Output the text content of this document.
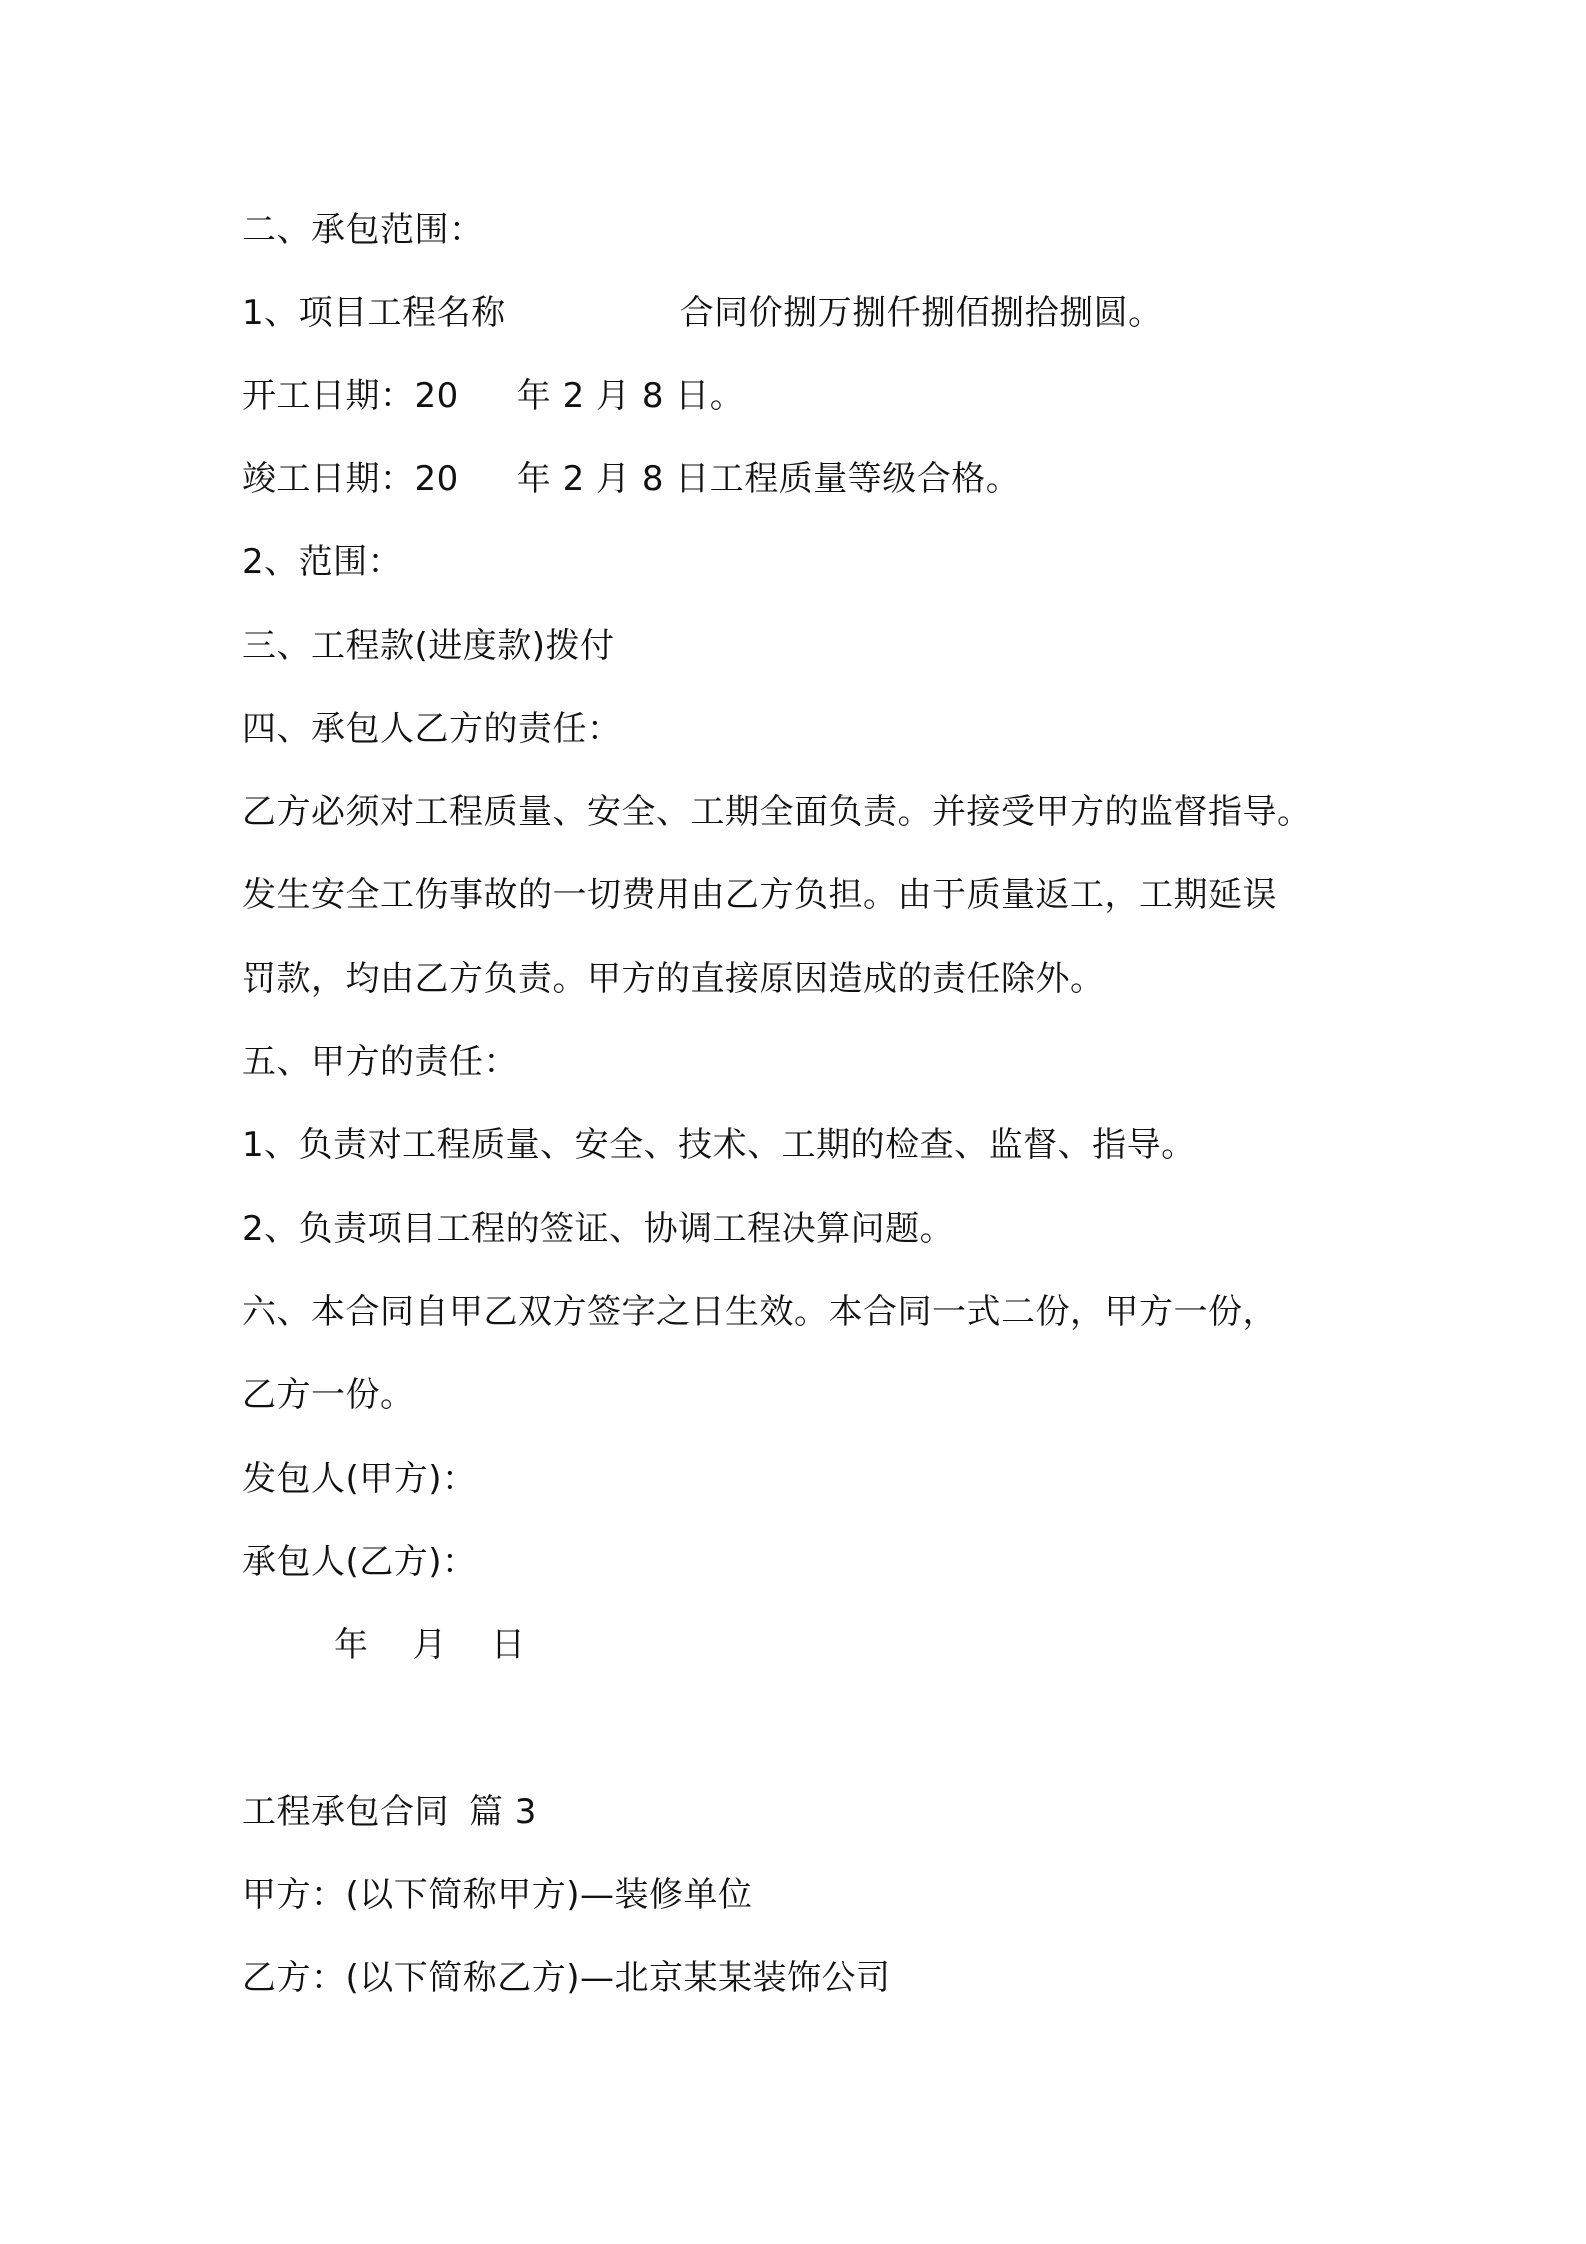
二、承包范围：
1、项目工程名称	合同价捌万捌仟捌佰捌拾捌圆。
开工日期：20 年 2 月 8 日。
竣工日期：20 年 2 月 8 日工程质量等级合格。
2、范围：
三、工程款(进度款)拨付
四、承包人乙方的责任：
乙方必须对工程质量、安全、工期全面负责。并接受甲方的监督指导。
发生安全工伤事故的一切费用由乙方负担。由于质量返工，工期延误
罚款，均由乙方负责。甲方的直接原因造成的责任除外。
五、甲方的责任：
1、负责对工程质量、安全、技术、工期的检查、监督、指导。
2、负责项目工程的签证、协调工程决算问题。
六、本合同自甲乙双方签字之日生效。本合同一式二份，甲方一份，
乙方一份。
发包人(甲方)：
承包人(乙方)：
年 月 日
工程承包合同 篇 3
甲方：(以下简称甲方)—装修单位
乙方：(以下简称乙方)—北京某某装饰公司
